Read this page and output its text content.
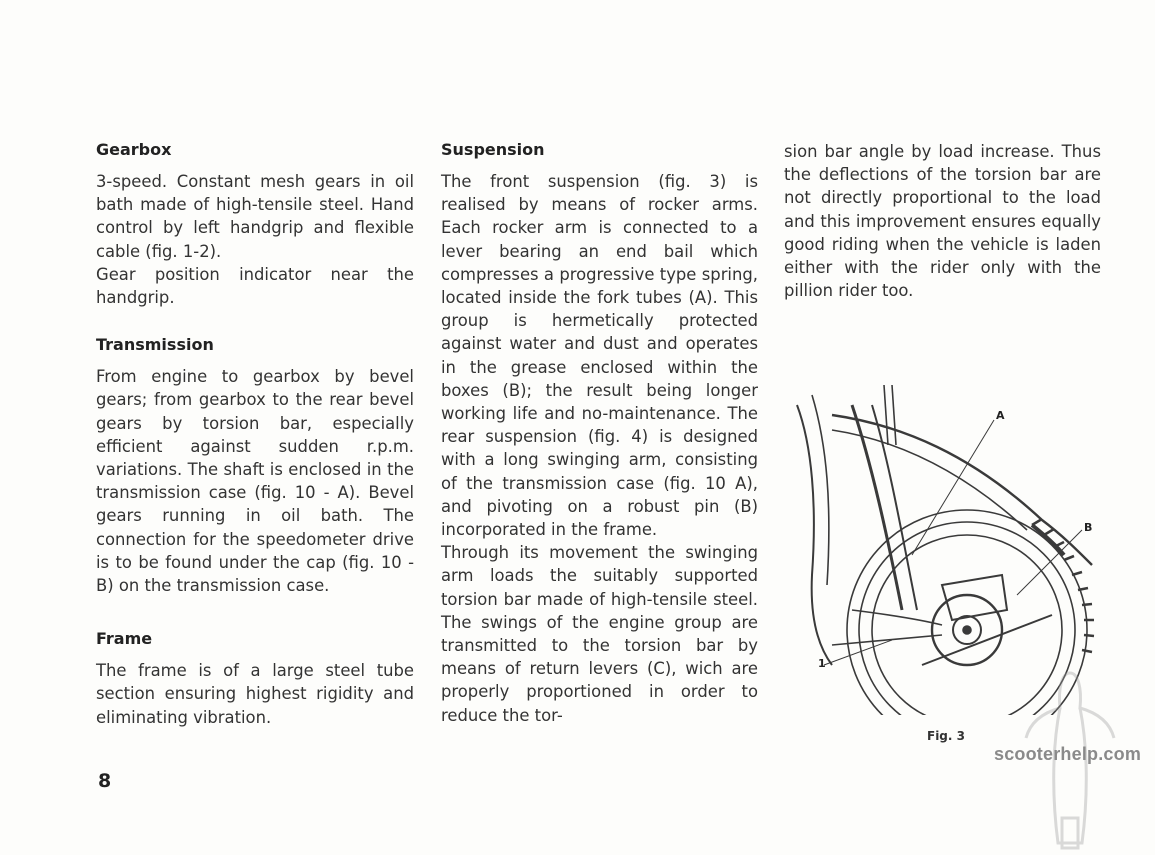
Gearbox

3-speed. Constant mesh gears in oil bath made of high-tensile steel. Hand control by left handgrip and flexible cable (fig. 1-2).

Gear position indicator near the handgrip.

Transmission

From engine to gearbox by bevel gears; from gearbox to the rear bevel gears by torsion bar, especially efficient against sudden r.p.m. variations. The shaft is enclosed in the transmission case (fig. 10 - A). Bevel gears running in oil bath. The connection for the speedometer drive is to be found under the cap (fig. 10 - B) on the transmission case.

Frame

The frame is of a large steel tube section ensuring highest rigidity and eliminating vibration.

Suspension

The front suspension (fig. 3) is realised by means of rocker arms. Each rocker arm is connected to a lever bearing an end bail which compresses a progressive type spring, located inside the fork tubes (A). This group is hermetically protected against water and dust and operates in the grease enclosed within the boxes (B); the result being longer working life and no-maintenance. The rear suspension (fig. 4) is designed with a long swinging arm, consisting of the transmission case (fig. 10 A), and pivoting on a robust pin (B) incorporated in the frame.

Through its movement the swinging arm loads the suitably supported torsion bar made of high-tensile steel. The swings of the engine group are transmitted to the torsion bar by means of return levers (C), wich are properly proportioned in order to reduce the tor-

sion bar angle by load increase. Thus the deflections of the torsion bar are not directly proportional to the load and this improvement ensures equally good riding when the vehicle is laden either with the rider only with the pillion rider too.

A
B
1
Fig. 3
scooterhelp.com
8
